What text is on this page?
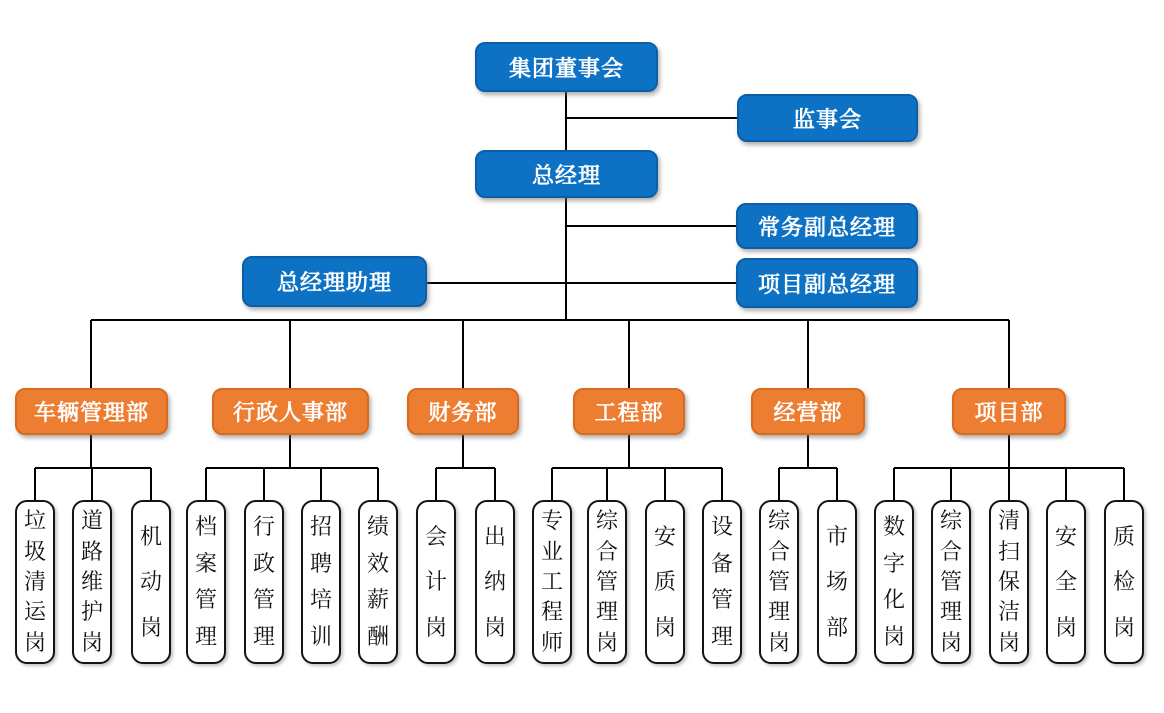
集团董事会
监事会
总经理
常务副总经理
项目副总经理
总经理助理
车辆管理部	行政人事部	财务部	工程部	经营部	项目部
垃
圾
清
运
岗
道
路
维
护
岗
机
动
岗
档
案
管
理
行
政
管
理
招
聘
培
训
绩
效
薪
酬
会
计
岗
出
纳
岗
专
业
工
程
师
综
合
管
理
岗
安
质
岗
设
备
管
理
综
合
管
理
岗
市
场
部
数
字
化
岗
综
合
管
理
岗
清
扫
保
洁
岗
安
全
岗
质
检
岗
